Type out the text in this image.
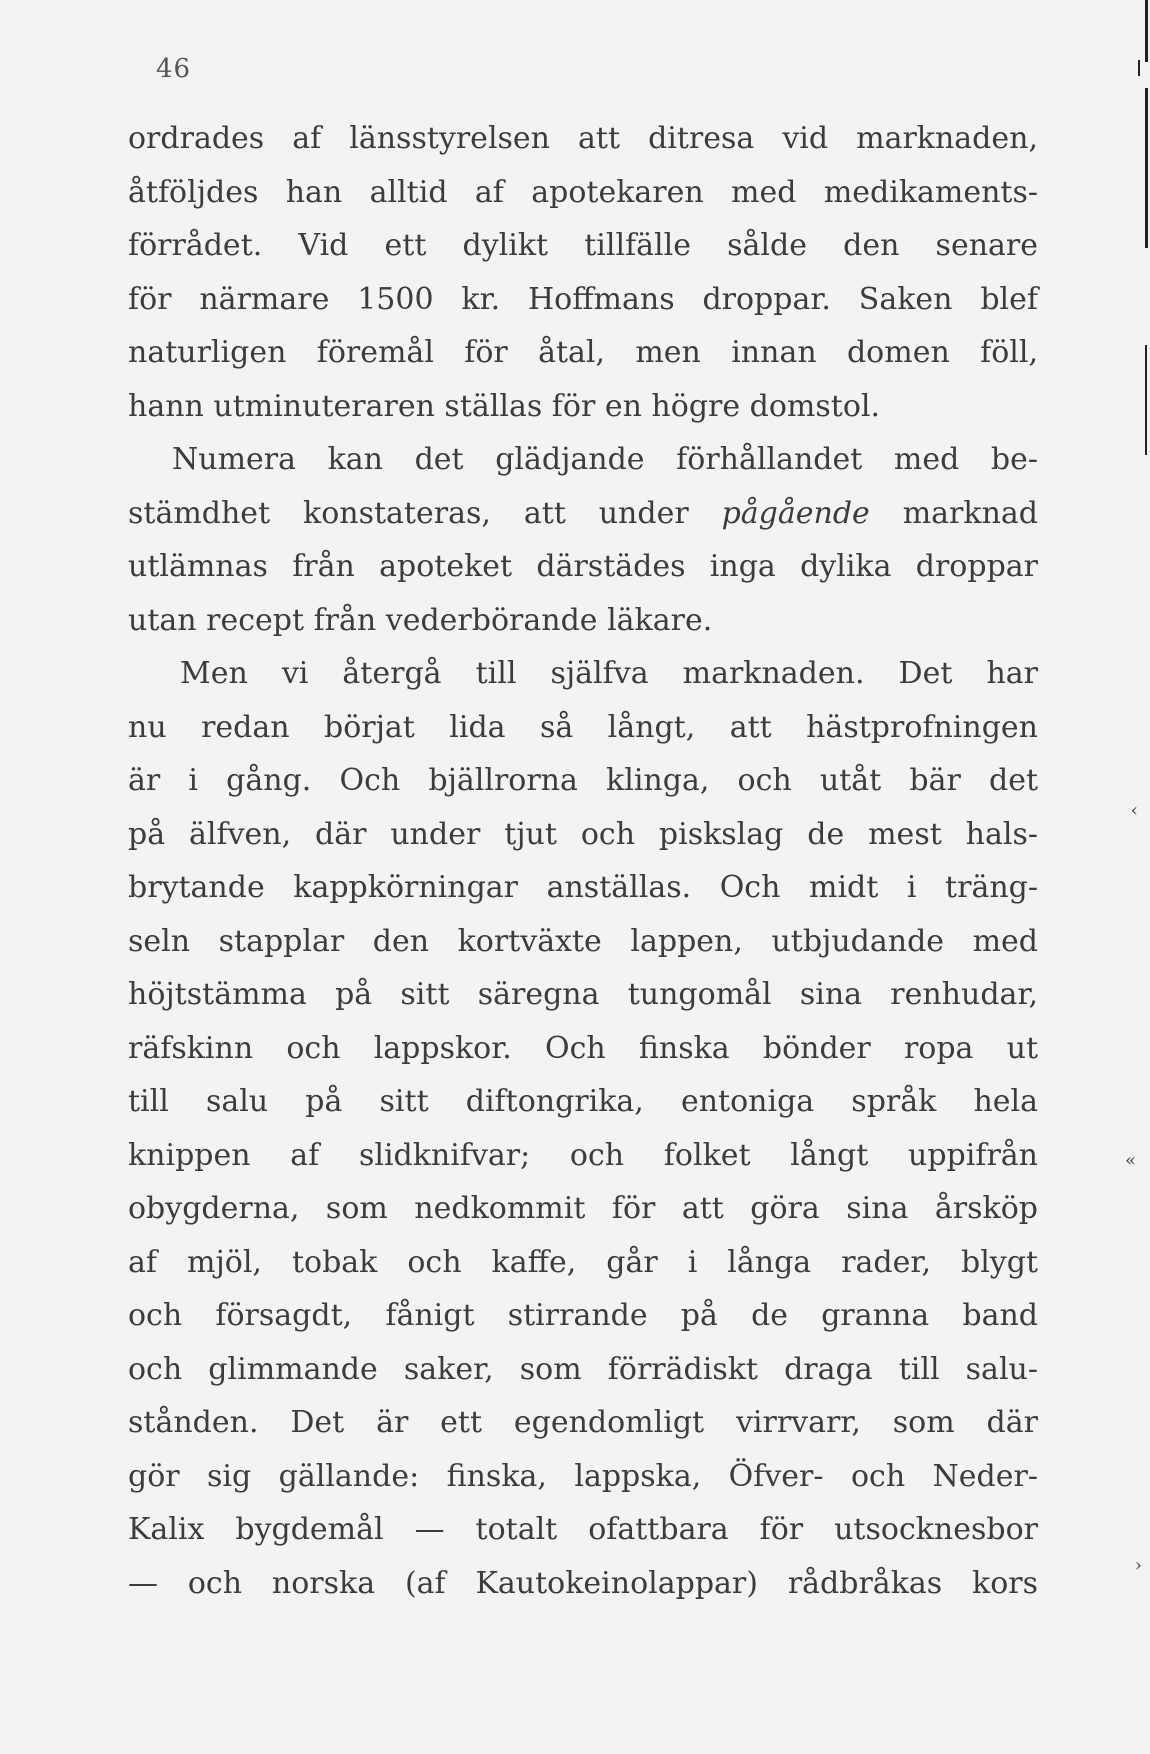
46
ordrades af länsstyrelsen att ditresa vid marknaden,
åtföljdes han alltid af apotekaren med medikaments-
förrådet. Vid ett dylikt tillfälle sålde den senare
för närmare 1500 kr. Hoffmans droppar. Saken blef
naturligen föremål för åtal, men innan domen föll,
hann utminuteraren ställas för en högre domstol.
Numera kan det glädjande förhållandet med be-
stämdhet konstateras, att under pågående marknad
utlämnas från apoteket därstädes inga dylika droppar
utan recept från vederbörande läkare.
Men vi återgå till själfva marknaden. Det har
nu redan börjat lida så långt, att hästprofningen
är i gång. Och bjällrorna klinga, och utåt bär det
på älfven, där under tjut och piskslag de mest hals-
brytande kappkörningar anställas. Och midt i träng-
seln stapplar den kortväxte lappen, utbjudande med
höjtstämma på sitt säregna tungomål sina renhudar,
räfskinn och lappskor. Och finska bönder ropa ut
till salu på sitt diftongrika, entoniga språk hela
knippen af slidknifvar; och folket långt uppifrån
obygderna, som nedkommit för att göra sina årsköp
af mjöl, tobak och kaffe, går i långa rader, blygt
och försagdt, fånigt stirrande på de granna band
och glimmande saker, som förrädiskt draga till salu-
stånden. Det är ett egendomligt virrvarr, som där
gör sig gällande: finska, lappska, Öfver- och Neder-
Kalix bygdemål — totalt ofattbara för utsocknesbor
— och norska (af Kautokeinolappar) rådbråkas kors
‹
«
›
